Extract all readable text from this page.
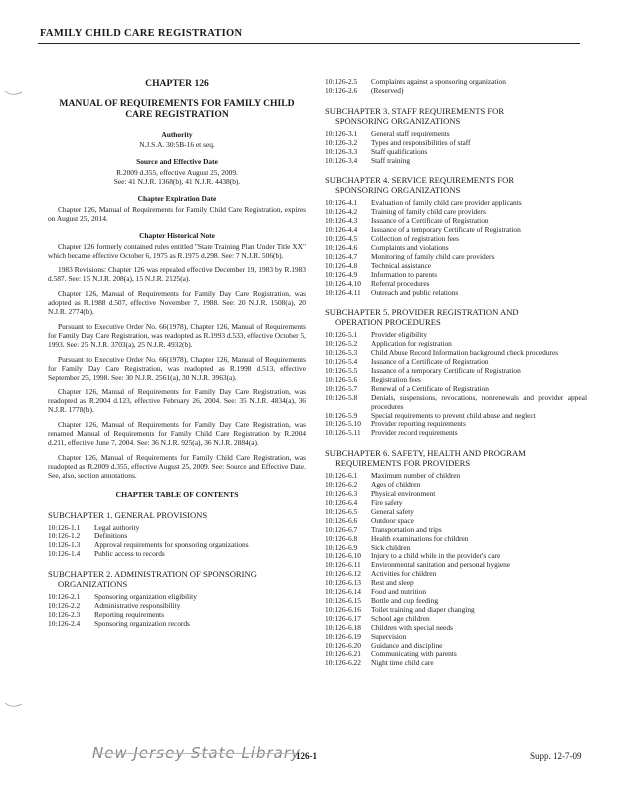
FAMILY CHILD CARE REGISTRATION

CHAPTER 126

MANUAL OF REQUIREMENTS FOR FAMILY CHILD CARE REGISTRATION

Authority

N.J.S.A. 30:5B-16 et seq.

Source and Effective Date

R.2009 d.355, effective August 25, 2009.

See: 41 N.J.R. 1368(b), 41 N.J.R. 4438(b).

Chapter Expiration Date

Chapter 126, Manual of Requirements for Family Child Care Registration, expires on August 25, 2014.

Chapter Historical Note

Chapter 126 formerly contained rules entitled "State Training Plan Under Title XX" which became effective October 6, 1975 as R.1975 d.298. See: 7 N.J.R. 506(b).

1983 Revisions: Chapter 126 was repealed effective December 19, 1983 by R.1983 d.587. See: 15 N.J.R. 208(a), 15 N.J.R. 2125(a).

Chapter 126, Manual of Requirements for Family Day Care Registration, was adopted as R.1988 d.507, effective November 7, 1988. See: 20 N.J.R. 1508(a), 20 N.J.R. 2774(b).

Pursuant to Executive Order No. 66(1978), Chapter 126, Manual of Requirements for Family Day Care Registration, was readopted as R.1993 d.533, effective October 5, 1993. See: 25 N.J.R. 3703(a), 25 N.J.R. 4932(b).

Pursuant to Executive Order No. 66(1978), Chapter 126, Manual of Requirements for Family Day Care Registration, was readopted as R.1998 d.513, effective September 25, 1998. See: 30 N.J.R. 2561(a), 30 N.J.R. 3963(a).

Chapter 126, Manual of Requirements for Family Day Care Registration, was readopted as R.2004 d.123, effective February 26, 2004. See: 35 N.J.R. 4834(a), 36 N.J.R. 1778(b).

Chapter 126, Manual of Requirements for Family Day Care Registration, was renamed Manual of Requirements for Family Child Care Registration by R.2004 d.211, effective June 7, 2004. See: 36 N.J.R. 925(a), 36 N.J.R. 2884(a).

Chapter 126, Manual of Requirements for Family Child Care Registration, was readopted as R.2009 d.355, effective August 25, 2009. See: Source and Effective Date. See, also, section annotations.

CHAPTER TABLE OF CONTENTS

SUBCHAPTER 1. GENERAL PROVISIONS
10:126-1.1	Legal authority
10:126-1.2	Definitions
10:126-1.3	Approval requirements for sponsoring organizations
10:126-1.4	Public access to records
SUBCHAPTER 2. ADMINISTRATION OF SPONSORING
ORGANIZATIONS
10:126-2.1	Sponsoring organization eligibility
10:126-2.2	Administrative responsibility
10:126-2.3	Reporting requirements
10:126-2.4	Sponsoring organization records
10:126-2.5	Complaints against a sponsoring organization
10:126-2.6	(Reserved)
SUBCHAPTER 3. STAFF REQUIREMENTS FOR
SPONSORING ORGANIZATIONS
10:126-3.1	General staff requirements
10:126-3.2	Types and responsibilities of staff
10:126-3.3	Staff qualifications
10:126-3.4	Staff training
SUBCHAPTER 4. SERVICE REQUIREMENTS FOR
SPONSORING ORGANIZATIONS
10:126-4.1	Evaluation of family child care provider applicants
10:126-4.2	Training of family child care providers
10:126-4.3	Issuance of a Certificate of Registration
10:126-4.4	Issuance of a temporary Certificate of Registration
10:126-4.5	Collection of registration fees
10:126-4.6	Complaints and violations
10:126-4.7	Monitoring of family child care providers
10:126-4.8	Technical assistance
10:126-4.9	Information to parents
10:126-4.10	Referral procedures
10:126-4.11	Outreach and public relations
SUBCHAPTER 5. PROVIDER REGISTRATION AND
OPERATION PROCEDURES
10:126-5.1	Provider eligibility
10:126-5.2	Application for registration
10:126-5.3	Child Abuse Record Information background check procedures
10:126-5.4	Issuance of a Certificate of Registration
10:126-5.5	Issuance of a temporary Certificate of Registration
10:126-5.6	Registration fees
10:126-5.7	Renewal of a Certificate of Registration
10:126-5.8	Denials, suspensions, revocations, nonrenewals and provider appeal procedures
10:126-5.9	Special requirements to prevent child abuse and neglect
10:126-5.10	Provider reporting requirements
10:126-5.11	Provider record requirements
SUBCHAPTER 6. SAFETY, HEALTH AND PROGRAM
REQUIREMENTS FOR PROVIDERS
10:126-6.1	Maximum number of children
10:126-6.2	Ages of children
10:126-6.3	Physical environment
10:126-6.4	Fire safety
10:126-6.5	General safety
10:126-6.6	Outdoor space
10:126-6.7	Transportation and trips
10:126-6.8	Health examinations for children
10:126-6.9	Sick children
10:126-6.10	Injury to a child while in the provider's care
10:126-6.11	Environmental sanitation and personal hygiene
10:126-6.12	Activities for children
10:126-6.13	Rest and sleep
10:126-6.14	Food and nutrition
10:126-6.15	Bottle and cup feeding
10:126-6.16	Toilet training and diaper changing
10:126-6.17	School age children
10:126-6.18	Children with special needs
10:126-6.19	Supervision
10:126-6.20	Guidance and discipline
10:126-6.21	Communicating with parents
10:126-6.22	Night time child care
New Jersey State Library
126-1	Supp. 12-7-09
